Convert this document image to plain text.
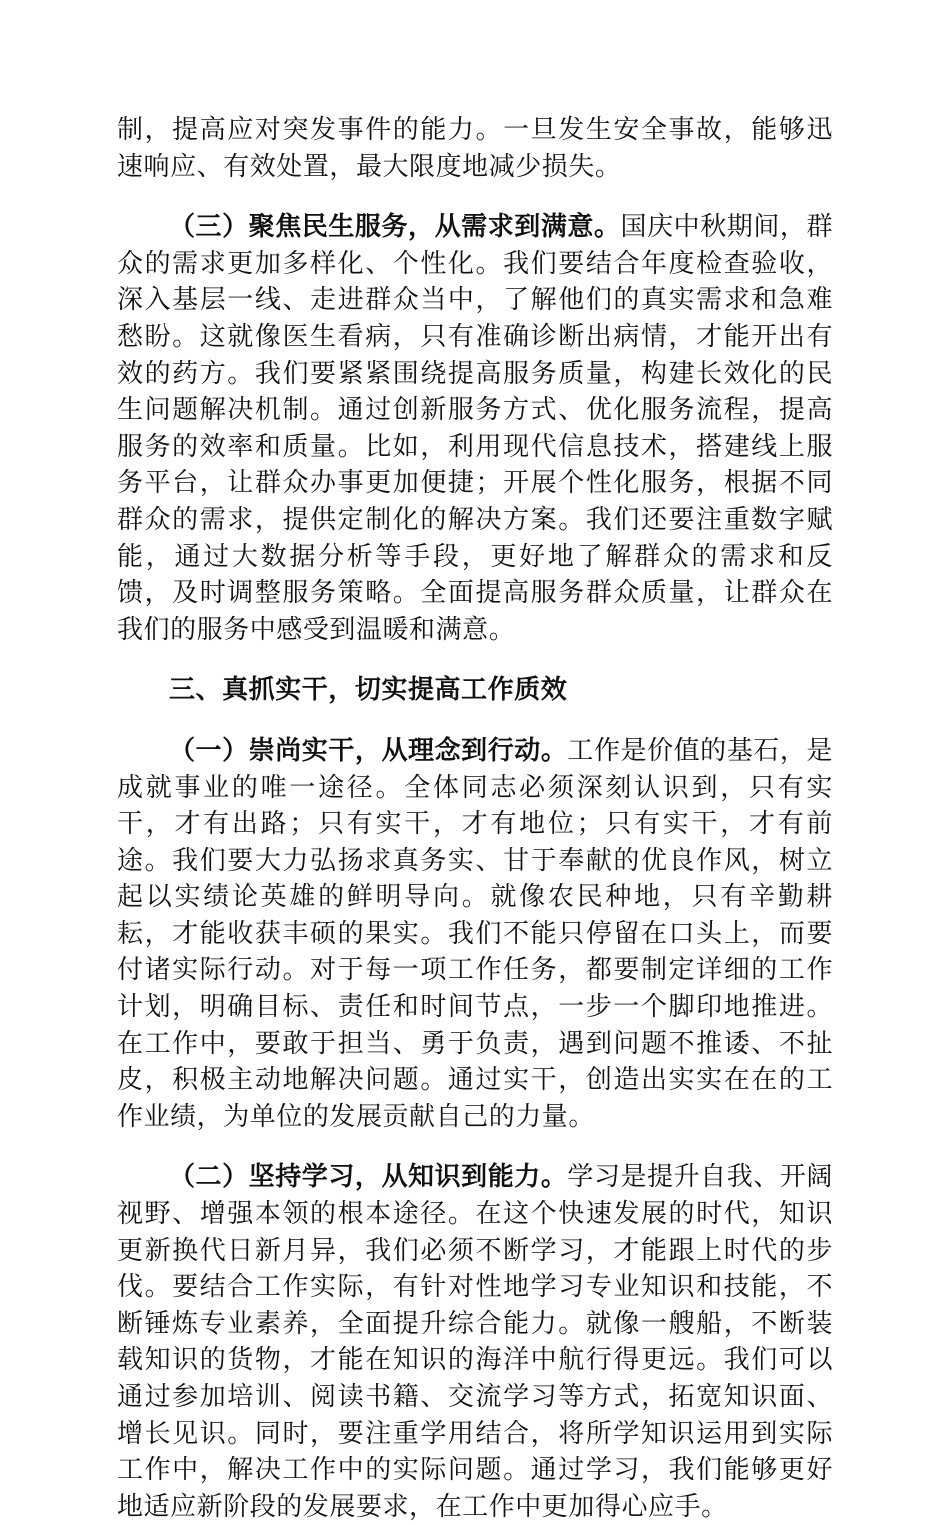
制，提高应对突发事件的能力。一旦发生安全事故，能够迅速响应、有效处置，最大限度地减少损失。

（三）聚焦民生服务，从需求到满意。国庆中秋期间，群众的需求更加多样化、个性化。我们要结合年度检查验收，深入基层一线、走进群众当中，了解他们的真实需求和急难愁盼。这就像医生看病，只有准确诊断出病情，才能开出有效的药方。我们要紧紧围绕提高服务质量，构建长效化的民生问题解决机制。通过创新服务方式、优化服务流程，提高服务的效率和质量。比如，利用现代信息技术，搭建线上服务平台，让群众办事更加便捷；开展个性化服务，根据不同群众的需求，提供定制化的解决方案。我们还要注重数字赋能，通过大数据分析等手段，更好地了解群众的需求和反馈，及时调整服务策略。全面提高服务群众质量，让群众在我们的服务中感受到温暖和满意。

三、真抓实干，切实提高工作质效

（一）崇尚实干，从理念到行动。工作是价值的基石，是成就事业的唯一途径。全体同志必须深刻认识到，只有实干，才有出路；只有实干，才有地位；只有实干，才有前途。我们要大力弘扬求真务实、甘于奉献的优良作风，树立起以实绩论英雄的鲜明导向。就像农民种地，只有辛勤耕耘，才能收获丰硕的果实。我们不能只停留在口头上，而要付诸实际行动。对于每一项工作任务，都要制定详细的工作计划，明确目标、责任和时间节点，一步一个脚印地推进。在工作中，要敢于担当、勇于负责，遇到问题不推诿、不扯皮，积极主动地解决问题。通过实干，创造出实实在在的工作业绩，为单位的发展贡献自己的力量。

（二）坚持学习，从知识到能力。学习是提升自我、开阔视野、增强本领的根本途径。在这个快速发展的时代，知识更新换代日新月异，我们必须不断学习，才能跟上时代的步伐。要结合工作实际，有针对性地学习专业知识和技能，不断锤炼专业素养，全面提升综合能力。就像一艘船，不断装载知识的货物，才能在知识的海洋中航行得更远。我们可以通过参加培训、阅读书籍、交流学习等方式，拓宽知识面、增长见识。同时，要注重学用结合，将所学知识运用到实际工作中，解决工作中的实际问题。通过学习，我们能够更好地适应新阶段的发展要求，在工作中更加得心应手。
